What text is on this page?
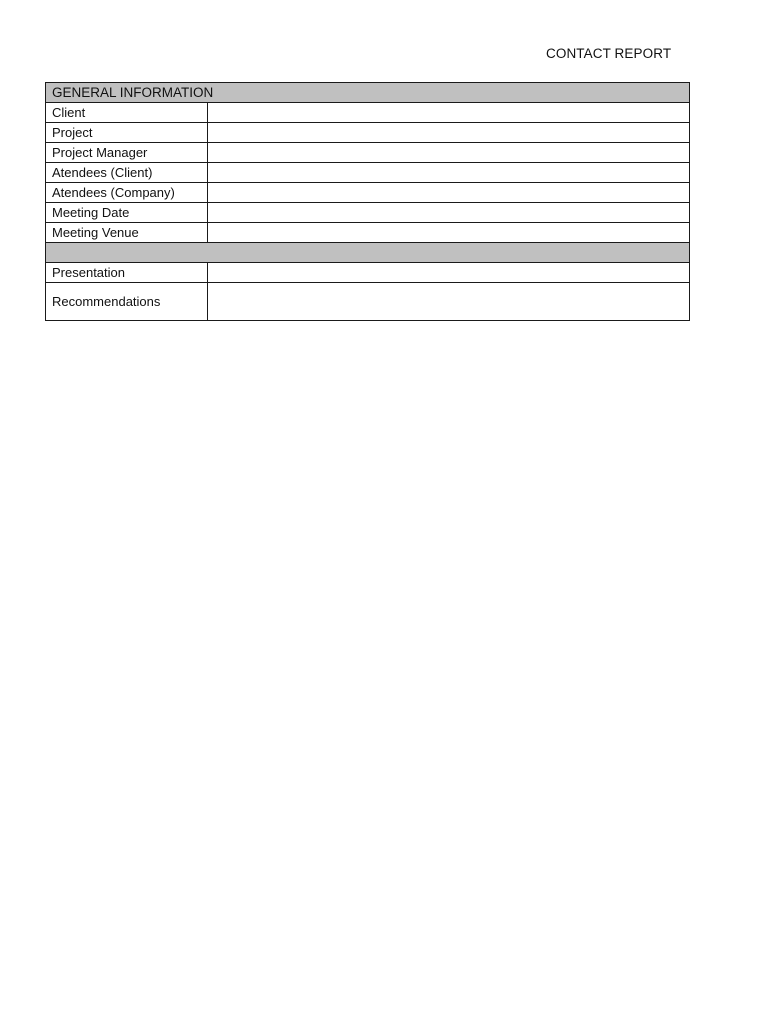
CONTACT REPORT
GENERAL INFORMATION	
Client	
Project	
Project Manager	
Atendees (Client)	
Atendees (Company)	
Meeting Date	
Meeting Venue	

Presentation	
Recommendations	
